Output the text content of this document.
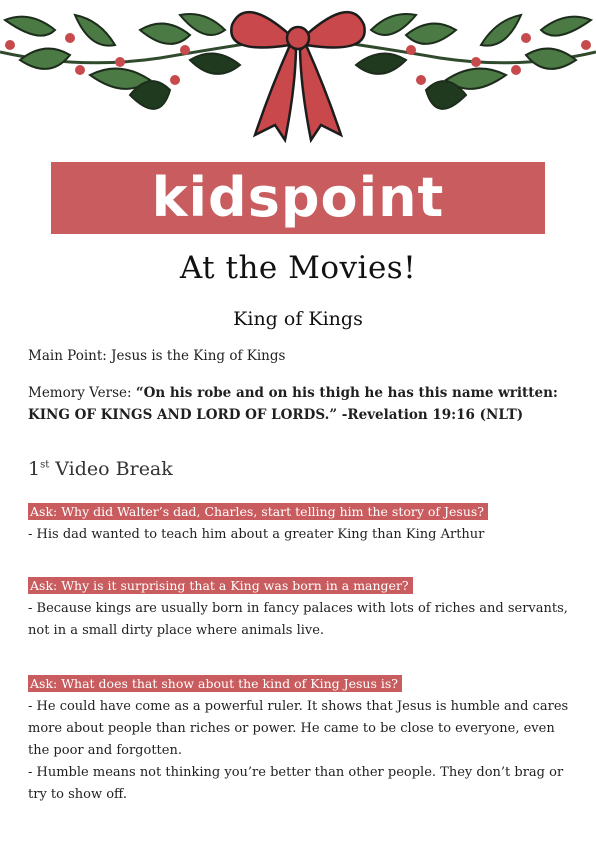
kidspoint
At the Movies!
King of Kings
Main Point: Jesus is the King of Kings
Memory Verse: “On his robe and on his thigh he has this name written: KING OF KINGS AND LORD OF LORDS.” -Revelation 19:16 (NLT)
1st Video Break
Ask: Why did Walter’s dad, Charles, start telling him the story of Jesus?

- His dad wanted to teach him about a greater King than King Arthur

Ask: Why is it surprising that a King was born in a manger?

- Because kings are usually born in fancy palaces with lots of riches and servants, not in a small dirty place where animals live.

Ask: What does that show about the kind of King Jesus is?

- He could have come as a powerful ruler. It shows that Jesus is humble and cares more about people than riches or power. He came to be close to everyone, even the poor and forgotten.

- Humble means not thinking you’re better than other people. They don’t brag or try to show off.
